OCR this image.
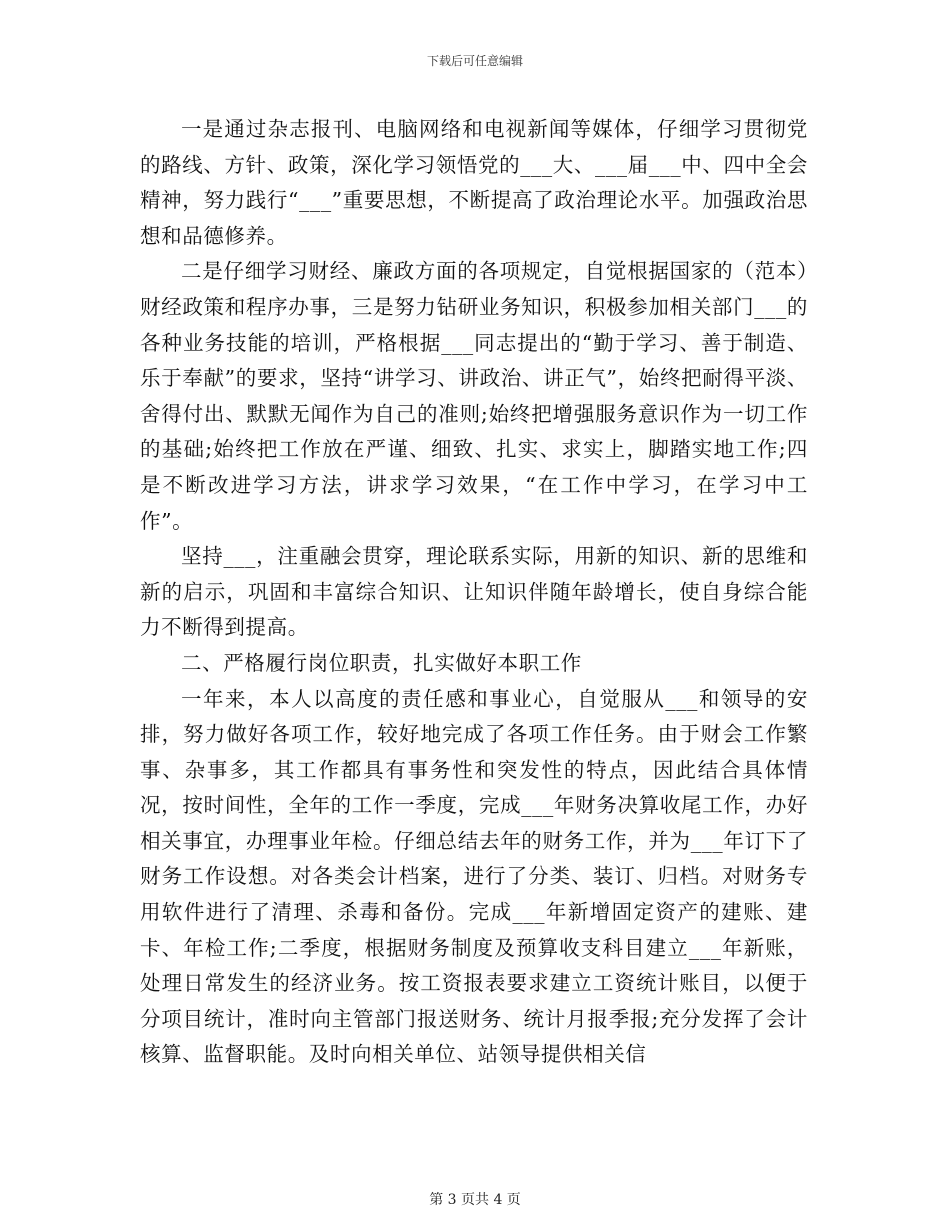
下载后可任意编辑

一是通过杂志报刊、电脑网络和电视新闻等媒体，仔细学习贯彻党的路线、方针、政策，深化学习领悟党的___大、___届___中、四中全会精神，努力践行“___”重要思想，不断提高了政治理论水平。加强政治思想和品德修养。

二是仔细学习财经、廉政方面的各项规定，自觉根据国家的（范本）财经政策和程序办事，三是努力钻研业务知识，积极参加相关部门___的各种业务技能的培训，严格根据___同志提出的“勤于学习、善于制造、乐于奉献”的要求，坚持“讲学习、讲政治、讲正气”，始终把耐得平淡、舍得付出、默默无闻作为自己的准则;始终把增强服务意识作为一切工作的基础;始终把工作放在严谨、细致、扎实、求实上，脚踏实地工作;四是不断改进学习方法，讲求学习效果，“在工作中学习，在学习中工作”。

坚持___，注重融会贯穿，理论联系实际，用新的知识、新的思维和新的启示，巩固和丰富综合知识、让知识伴随年龄增长，使自身综合能力不断得到提高。

二、严格履行岗位职责，扎实做好本职工作

一年来，本人以高度的责任感和事业心，自觉服从___和领导的安排，努力做好各项工作，较好地完成了各项工作任务。由于财会工作繁事、杂事多，其工作都具有事务性和突发性的特点，因此结合具体情况，按时间性，全年的工作一季度，完成___年财务决算收尾工作，办好相关事宜，办理事业年检。仔细总结去年的财务工作，并为___年订下了财务工作设想。对各类会计档案，进行了分类、装订、归档。对财务专用软件进行了清理、杀毒和备份。完成___年新增固定资产的建账、建卡、年检工作;二季度，根据财务制度及预算收支科目建立___年新账，处理日常发生的经济业务。按工资报表要求建立工资统计账目，以便于分项目统计，准时向主管部门报送财务、统计月报季报;充分发挥了会计核算、监督职能。及时向相关单位、站领导提供相关信

第 3 页共 4 页
